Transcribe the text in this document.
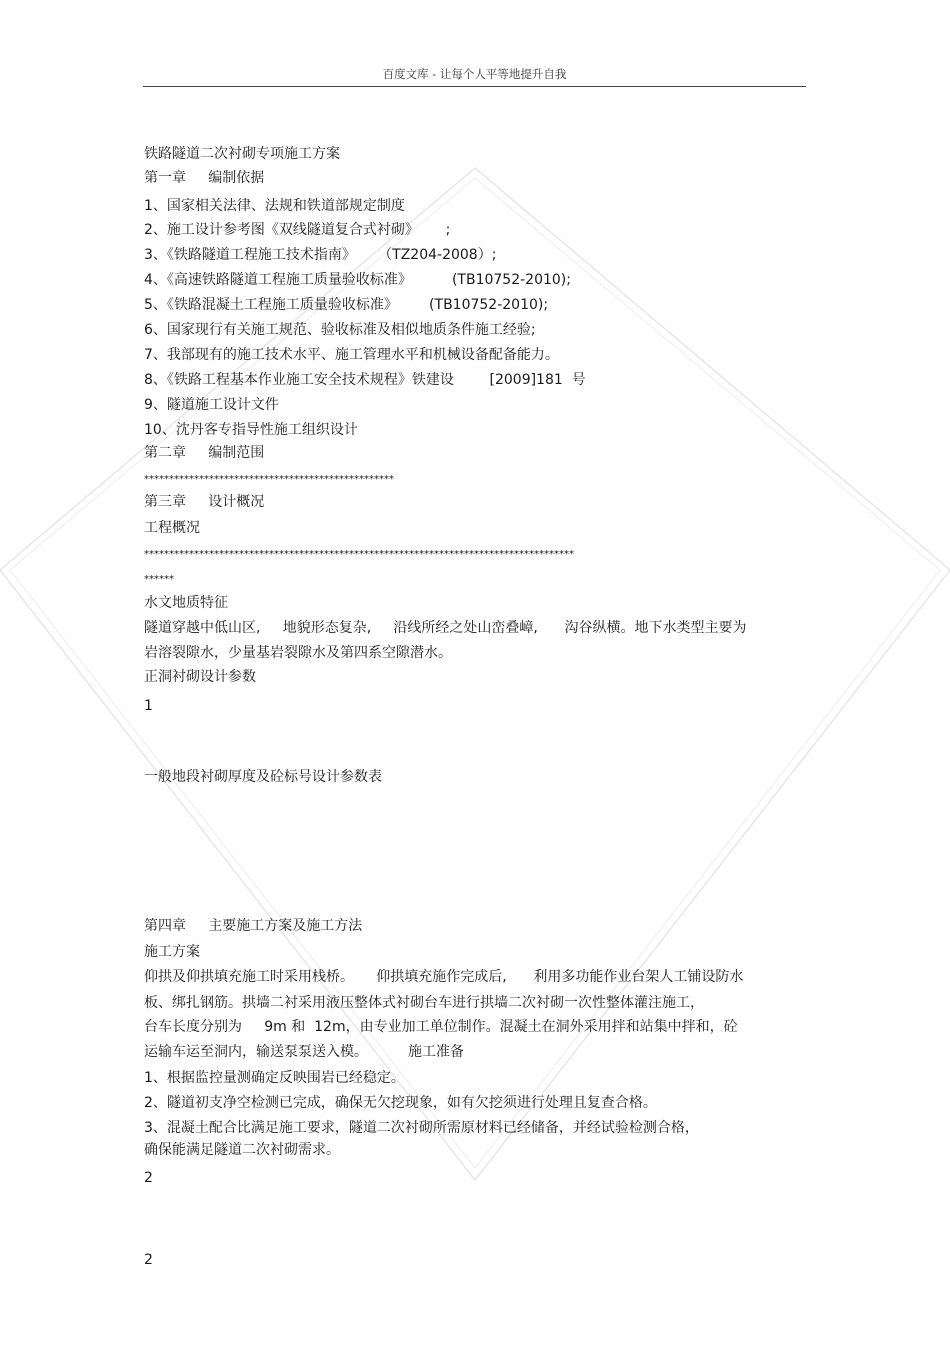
百度文库 - 让每个人平等地提升自我
铁路隧道二次衬砌专项施工方案
第一章     编制依据
1、国家相关法律、法规和铁道部规定制度
2、施工设计参考图《双线隧道复合式衬砌》      ;
3、《铁路隧道工程施工技术指南》     （TZ204-2008）;
4、《高速铁路隧道工程施工质量验收标准》         (TB10752-2010);
5、《铁路混凝土工程施工质量验收标准》       (TB10752-2010);
6、国家现行有关施工规范、验收标准及相似地质条件施工经验;
7、我部现有的施工技术水平、施工管理水平和机械设备配备能力。
8、《铁路工程基本作业施工安全技术规程》铁建设        [2009]181  号
9、隧道施工设计文件
10、沈丹客专指导性施工组织设计
第二章     编制范围
**************************************************
第三章     设计概况
工程概况
**************************************************************************************
******
水文地质特征
隧道穿越中低山区,     地貌形态复杂,     沿线所经之处山峦叠嶂,      沟谷纵横。地下水类型主要为
岩溶裂隙水，少量基岩裂隙水及第四系空隙潜水。
正洞衬砌设计参数
1
一般地段衬砌厚度及砼标号设计参数表
第四章     主要施工方案及施工方法
施工方案
仰拱及仰拱填充施工时采用栈桥。     仰拱填充施作完成后,      利用多功能作业台架人工铺设防水
板、绑扎钢筋。拱墙二衬采用液压整体式衬砌台车进行拱墙二次衬砌一次性整体灌注施工，
台车长度分别为     9m 和  12m，由专业加工单位制作。混凝土在洞外采用拌和站集中拌和，砼
运输车运至洞内，输送泵泵送入模。         施工准备
1、根据监控量测确定反映围岩已经稳定。
2、隧道初支净空检测已完成，确保无欠挖现象，如有欠挖须进行处理且复查合格。
3、混凝土配合比满足施工要求，隧道二次衬砌所需原材料已经储备，并经试验检测合格，
确保能满足隧道二次衬砌需求。
2
2
